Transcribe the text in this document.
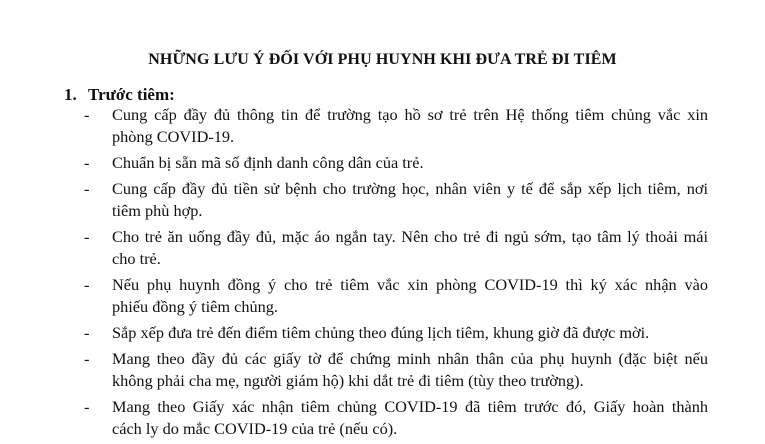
NHỮNG LƯU Ý ĐỐI VỚI PHỤ HUYNH KHI ĐƯA TRẺ ĐI TIÊM
1. Trước tiêm:
-	Cung cấp đầy đủ thông tin để trường tạo hồ sơ trẻ trên Hệ thống tiêm chủng vắc xin
phòng COVID-19.
-	Chuẩn bị sẵn mã số định danh công dân của trẻ.
-	Cung cấp đầy đủ tiền sử bệnh cho trường học, nhân viên y tế để sắp xếp lịch tiêm, nơi
tiêm phù hợp.
-	Cho trẻ ăn uống đầy đủ, mặc áo ngắn tay. Nên cho trẻ đi ngủ sớm, tạo tâm lý thoải mái
cho trẻ.
-	Nếu phụ huynh đồng ý cho trẻ tiêm vắc xin phòng COVID-19 thì ký xác nhận vào
phiếu đồng ý tiêm chủng.
-	Sắp xếp đưa trẻ đến điểm tiêm chủng theo đúng lịch tiêm, khung giờ đã được mời.
-	Mang theo đầy đủ các giấy tờ để chứng minh nhân thân của phụ huynh (đặc biệt nếu
không phải cha mẹ, người giám hộ) khi dắt trẻ đi tiêm (tùy theo trường).
-	Mang theo Giấy xác nhận tiêm chủng COVID-19 đã tiêm trước đó, Giấy hoàn thành
cách ly do mắc COVID-19 của trẻ (nếu có).
